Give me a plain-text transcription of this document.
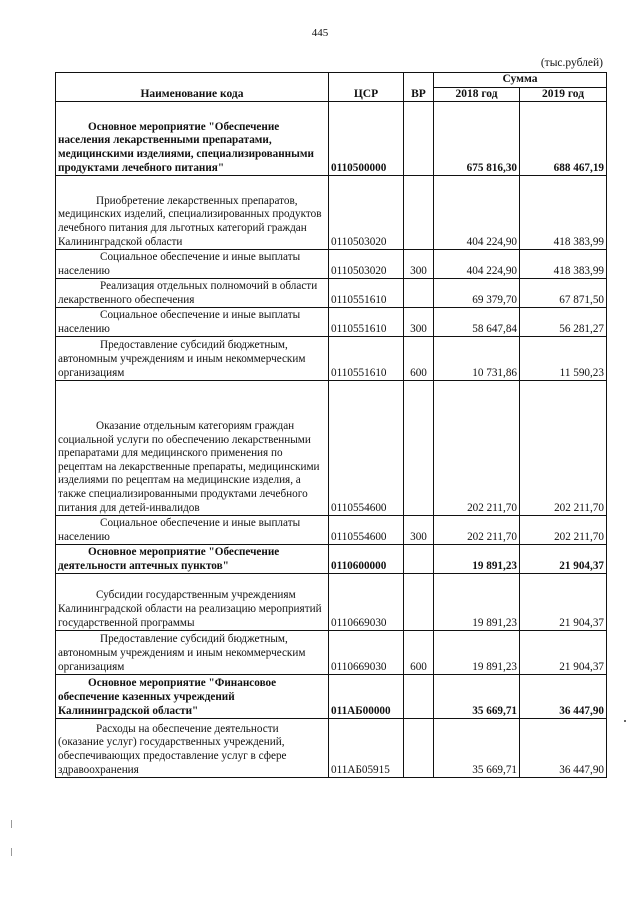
445
(тыс.рублей)
Наименование кода	ЦСР	ВР	Сумма	
			2018 год	2019 год

Основное мероприятие "Обеспечение населения лекарственными препаратами, медицинскими изделиями, специализированными продуктами лечебного питания"	0110500000		675 816,30	688 467,19

Приобретение лекарственных препаратов, медицинских изделий, специализированных продуктов лечебного питания для льготных категорий граждан Калининградской области	0110503020		404 224,90	418 383,99

Социальное обеспечение и иные выплаты населению	0110503020	300	404 224,90	418 383,99

Реализация отдельных полномочий в области лекарственного обеспечения	0110551610		69 379,70	67 871,50

Социальное обеспечение и иные выплаты населению	0110551610	300	58 647,84	56 281,27

Предоставление субсидий бюджетным, автономным учреждениям и иным некоммерческим организациям	0110551610	600	10 731,86	11 590,23

Оказание отдельным категориям граждан социальной услуги по обеспечению лекарственными препаратами для медицинского применения по рецептам на лекарственные препараты, медицинскими изделиями по рецептам на медицинские изделия, а также специализированными продуктами лечебного питания для детей-инвалидов	0110554600		202 211,70	202 211,70

Социальное обеспечение и иные выплаты населению	0110554600	300	202 211,70	202 211,70

Основное мероприятие "Обеспечение деятельности аптечных пунктов"	0110600000		19 891,23	21 904,37

Субсидии государственным учреждениям Калининградской области на реализацию мероприятий государственной программы	0110669030		19 891,23	21 904,37

Предоставление субсидий бюджетным, автономным учреждениям и иным некоммерческим организациям	0110669030	600	19 891,23	21 904,37

Основное мероприятие "Финансовое обеспечение казенных учреждений Калининградской области"	011АБ00000		35 669,71	36 447,90

Расходы на обеспечение деятельности (оказание услуг) государственных учреждений, обеспечивающих предоставление услуг в сфере здравоохранения	011АБ05915		35 669,71	36 447,90
